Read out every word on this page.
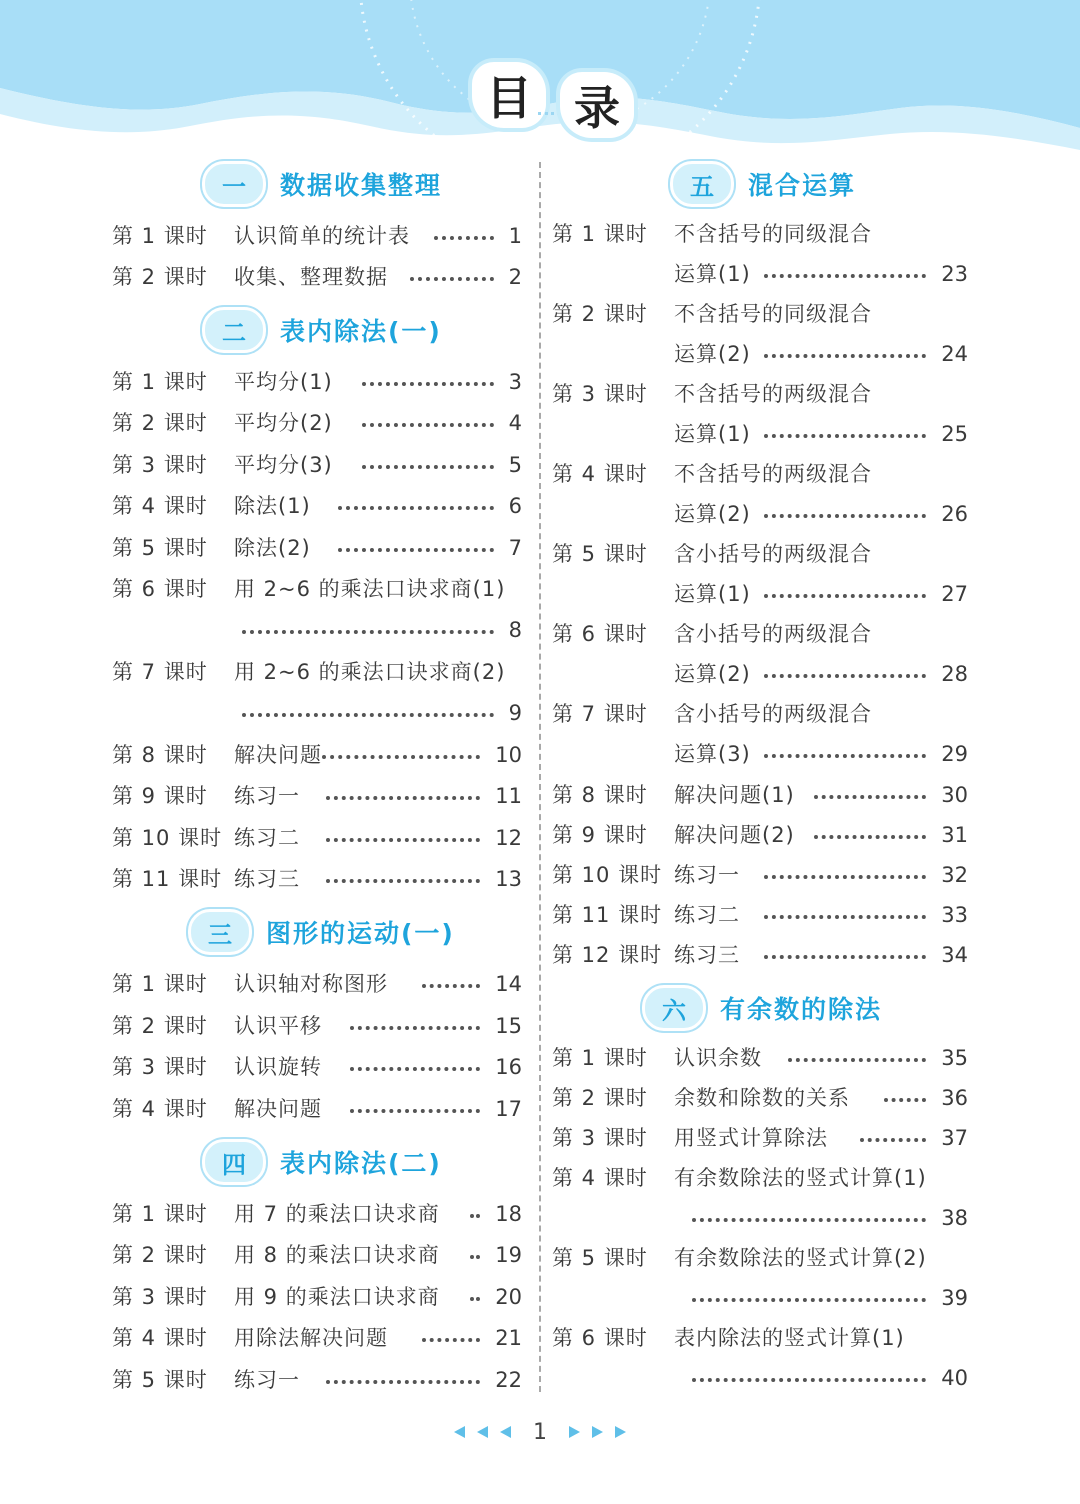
目 录
一	数据收集整理
第 1 课时 认识简单的统计表	1
第 2 课时 收集、整理数据	2
二	表内除法(一)
第 1 课时 平均分(1)	3
第 2 课时 平均分(2)	4
第 3 课时 平均分(3)	5
第 4 课时 除法(1)	6
第 5 课时 除法(2)	7
第 6 课时 用 2~6 的乘法口诀求商(1)
8
第 7 课时 用 2~6 的乘法口诀求商(2)
9
第 8 课时 解决问题	10
第 9 课时 练习一	11
第 10 课时 练习二	12
第 11 课时 练习三	13
三	图形的运动(一)
第 1 课时 认识轴对称图形	14
第 2 课时 认识平移	15
第 3 课时 认识旋转	16
第 4 课时 解决问题	17
四	表内除法(二)
第 1 课时 用 7 的乘法口诀求商	18
第 2 课时 用 8 的乘法口诀求商	19
第 3 课时 用 9 的乘法口诀求商	20
第 4 课时 用除法解决问题	21
第 5 课时 练习一	22
五	混合运算
第 1 课时 不含括号的同级混合
运算(1)	23
第 2 课时 不含括号的同级混合
运算(2)	24
第 3 课时 不含括号的两级混合
运算(1)	25
第 4 课时 不含括号的两级混合
运算(2)	26
第 5 课时 含小括号的两级混合
运算(1)	27
第 6 课时 含小括号的两级混合
运算(2)	28
第 7 课时 含小括号的两级混合
运算(3)	29
第 8 课时 解决问题(1)	30
第 9 课时 解决问题(2)	31
第 10 课时 练习一	32
第 11 课时 练习二	33
第 12 课时 练习三	34
六	有余数的除法
第 1 课时 认识余数	35
第 2 课时 余数和除数的关系	36
第 3 课时 用竖式计算除法	37
第 4 课时 有余数除法的竖式计算(1)
38
第 5 课时 有余数除法的竖式计算(2)
39
第 6 课时 表内除法的竖式计算(1)
40
1
